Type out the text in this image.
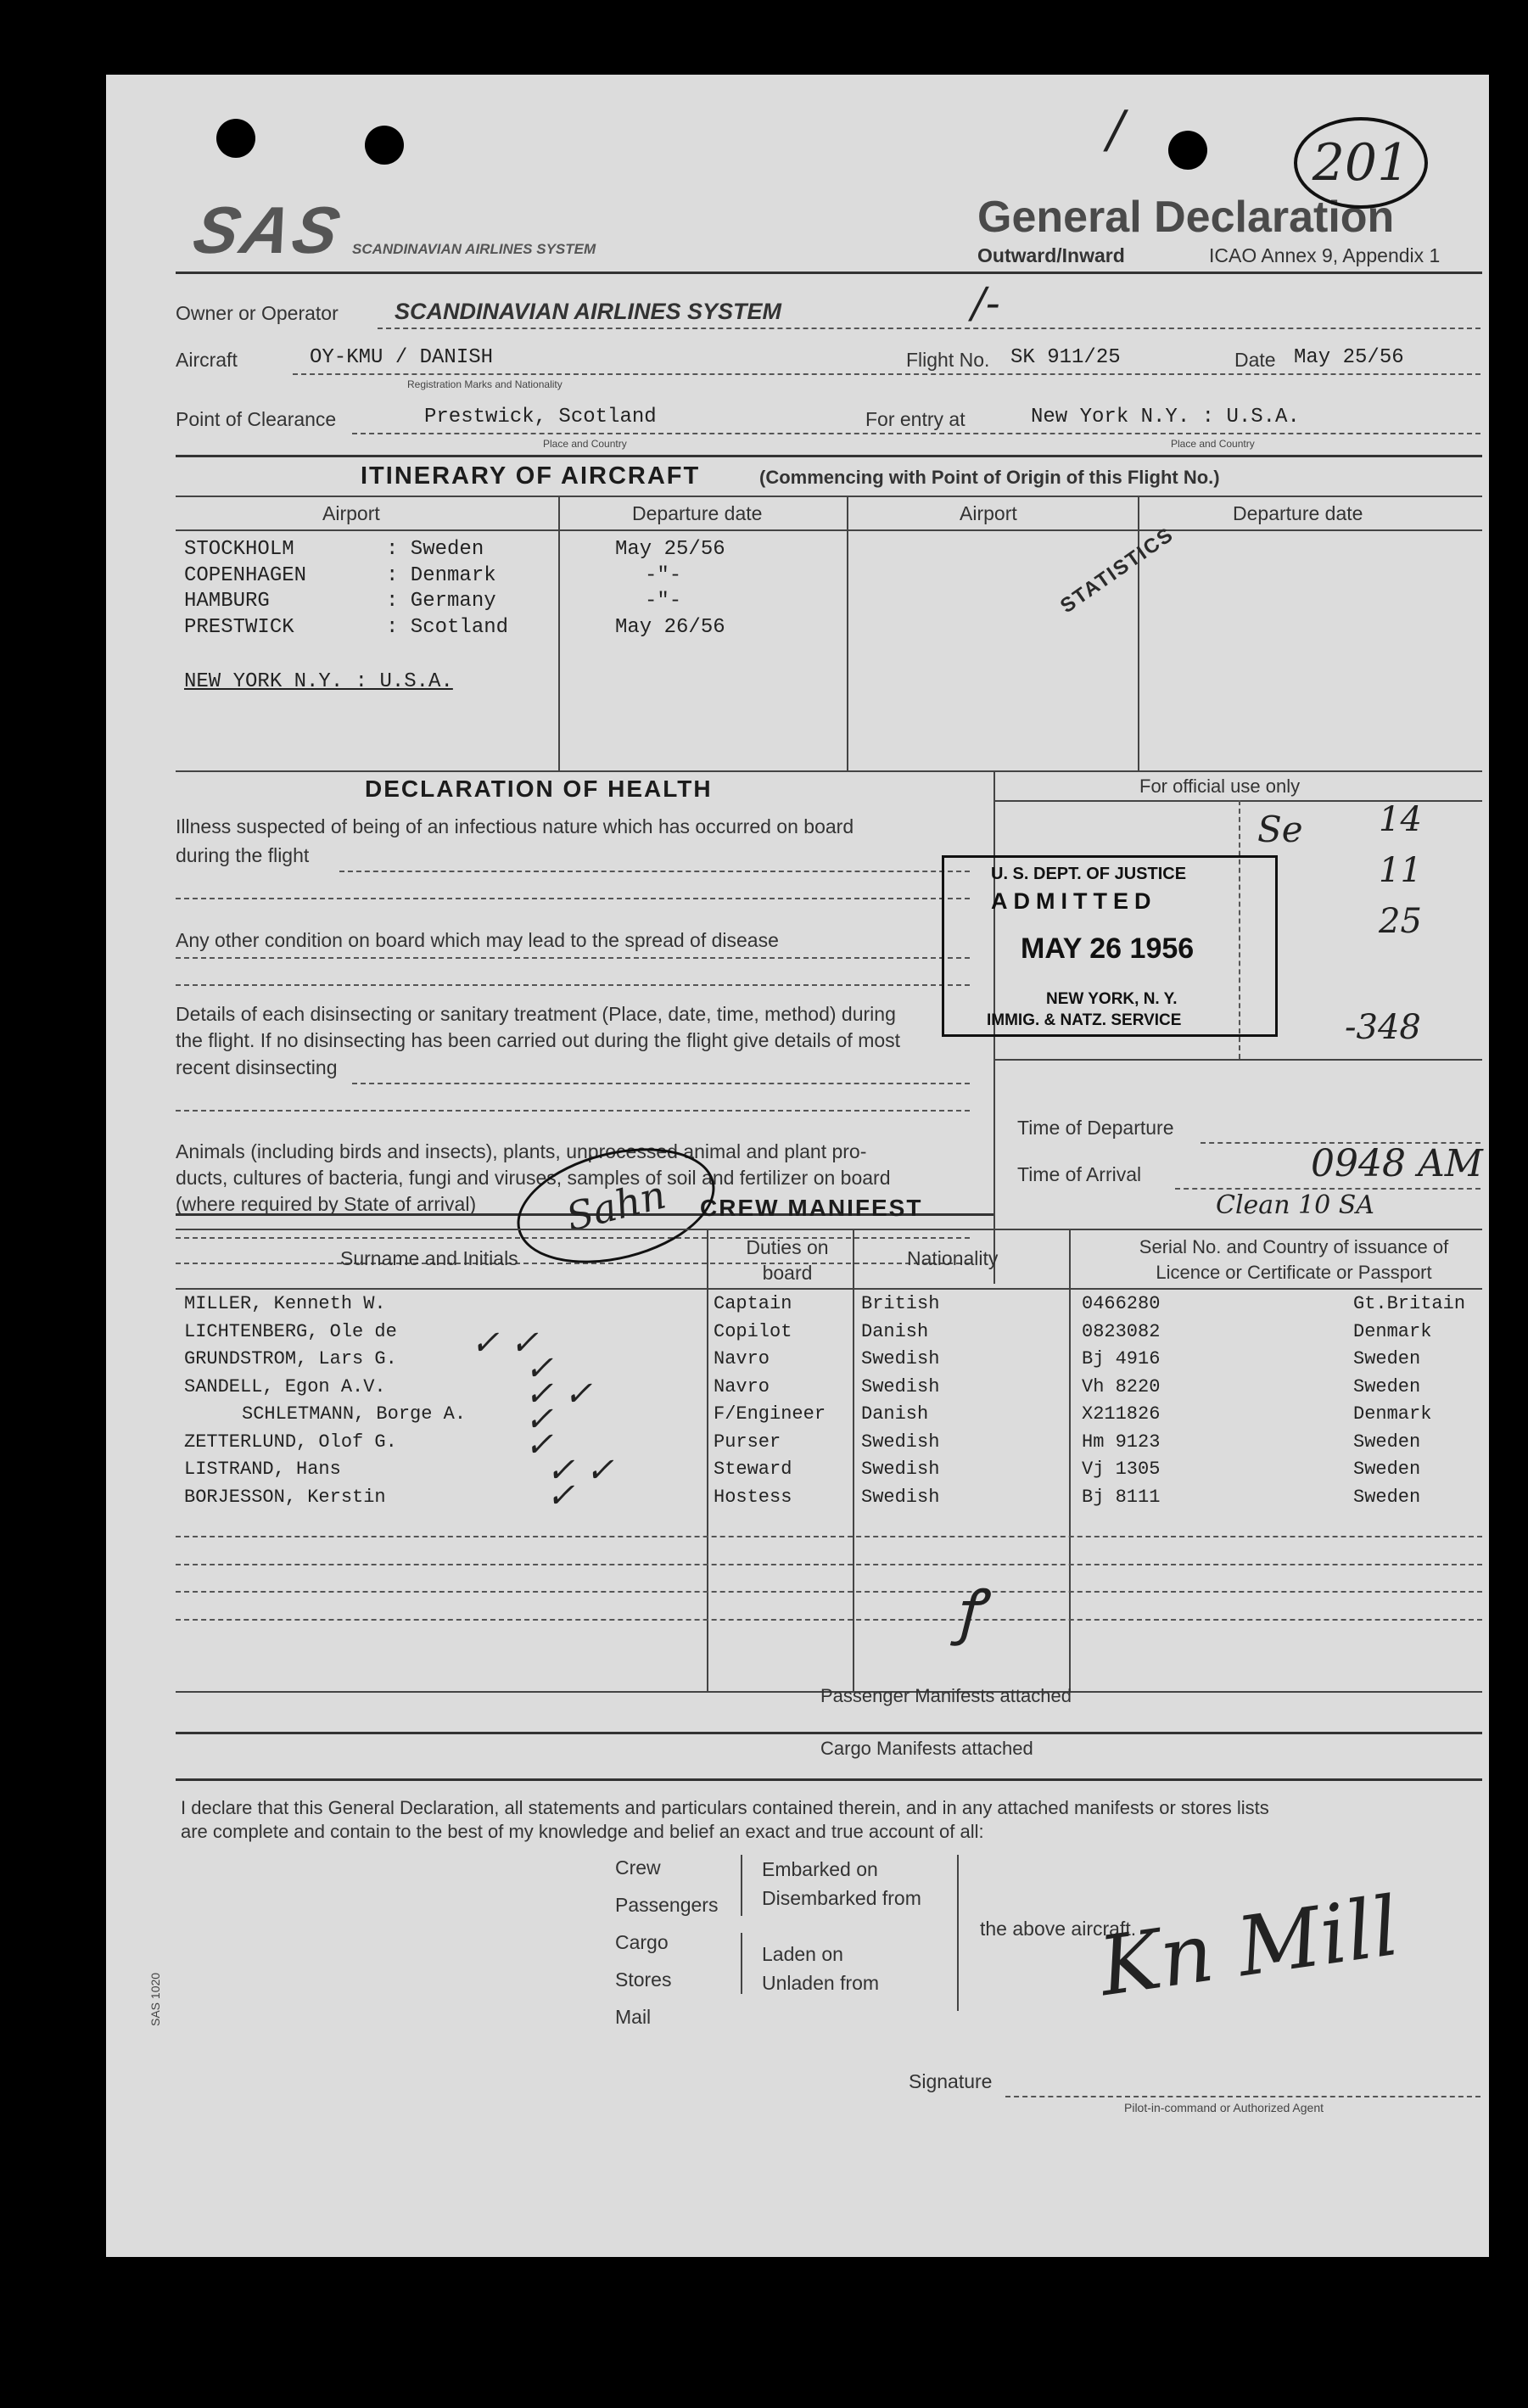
SAS SCANDINAVIAN AIRLINES SYSTEM
General Declaration
Outward/Inward	ICAO Annex 9, Appendix 1
201
/
Owner or Operator SCANDINAVIAN AIRLINES SYSTEM	/-
Aircraft	OY-KMU / DANISH
Registration Marks and Nationality
Flight No. SK 911/25	Date May 25/56
Point of Clearance	Prestwick, Scotland
Place and Country
For entry at	New York N.Y. : U.S.A.
Place and Country
ITINERARY OF AIRCRAFT	(Commencing with Point of Origin of this Flight No.)
Airport	Departure date	Airport	Departure date
STOCKHOLM	: Sweden	May 25/56
COPENHAGEN	: Denmark	-"-
HAMBURG	: Germany	-"-
PRESTWICK	: Scotland	May 26/56
NEW YORK N.Y. : U.S.A.
STATISTICS
DECLARATION OF HEALTH
Illness suspected of being of an infectious nature which has occurred on board
during the flight
Any other condition on board which may lead to the spread of disease
Details of each disinsecting or sanitary treatment (Place, date, time, method) during
the flight. If no disinsecting has been carried out during the flight give details of most
recent disinsecting
Animals (including birds and insects), plants, unprocessed animal and plant pro-
ducts, cultures of bacteria, fungi and viruses, samples of soil and fertilizer on board
(where required by State of arrival)
For official use only
U. S. DEPT. OF JUSTICE
ADMITTED
MAY 26 1956
NEW YORK, N. Y.
IMMIG. & NATZ. SERVICE
Se 14
11
25
-348
Time of Departure
Time of Arrival	0948 AM
Clean 10 SA
CREW MANIFEST
Sahn
Surname and Initials	Duties on board
Nationality
Serial No. and Country of issuance of Licence or Certificate or Passport
MILLER, Kenneth W.	Captain	British	0466280	Gt.Britain
LICHTENBERG, Ole de	Copilot	Danish	0823082	Denmark
GRUNDSTROM, Lars G.	Navro	Swedish	Bj 4916	Sweden
SANDELL, Egon A.V.	Navro	Swedish	Vh 8220	Sweden
SCHLETMANN, Borge A.	F/Engineer Danish	X211826	Denmark
ZETTERLUND, Olof G.	Purser	Swedish	Hm 9123	Sweden
LISTRAND, Hans	Steward	Swedish	Vj 1305	Sweden
BORJESSON, Kerstin	Hostess	Swedish	Bj 8111	Sweden
✓ ✓
✓
✓ ✓
✓
✓
✓ ✓
✓
ꝭ
Passenger Manifests attached
Cargo Manifests attached
I declare that this General Declaration, all statements and particulars contained therein, and in any attached manifests or stores lists
are complete and contain to the best of my knowledge and belief an exact and true account of all:
Crew
Passengers
Cargo
Stores
Mail
Embarked on
Disembarked from
Laden on
Unladen from
the above aircraft.
Kn Mill
Signature
Pilot-in-command or Authorized Agent
SAS 1020
